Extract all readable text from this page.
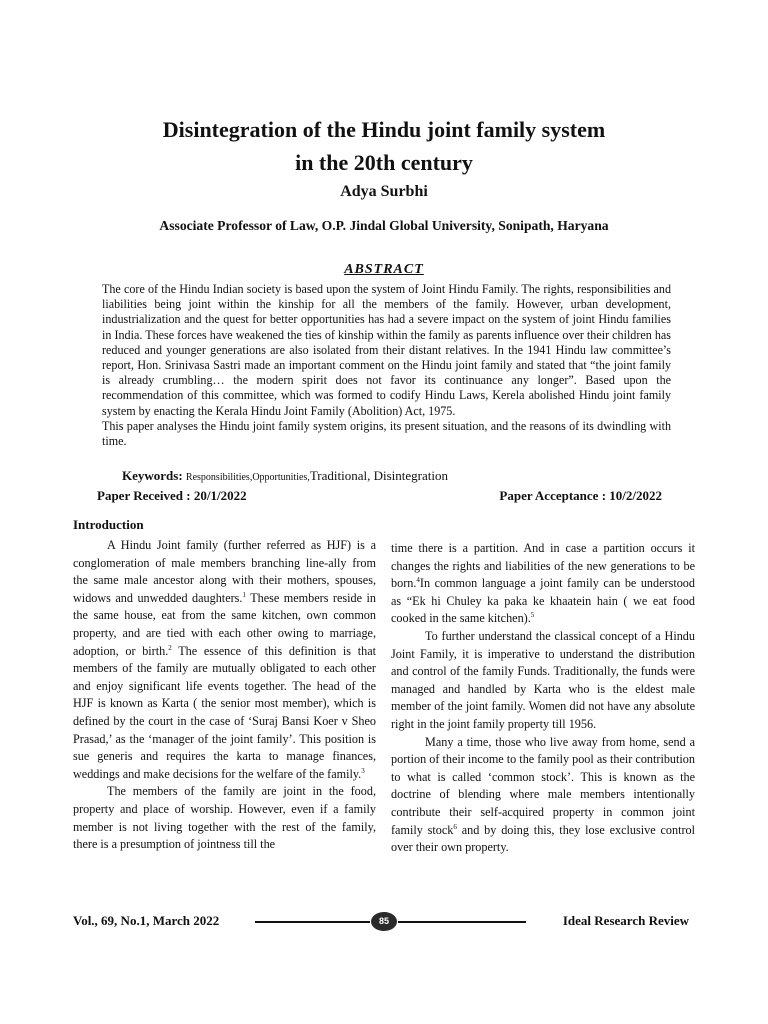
Disintegration of the Hindu joint family system
in the 20th century
Adya Surbhi
Associate Professor of Law, O.P. Jindal Global University, Sonipath, Haryana
ABSTRACT

The core of the Hindu Indian society is based upon the system of Joint Hindu Family. The rights, responsibilities and liabilities being joint within the kinship for all the members of the family. However, urban development, industrialization and the quest for better opportunities has had a severe impact on the system of joint Hindu families in India. These forces have weakened the ties of kinship within the family as parents influence over their children has reduced and younger generations are also isolated from their distant relatives. In the 1941 Hindu law committee’s report, Hon. Srinivasa Sastri made an important comment on the Hindu joint family and stated that “the joint family is already crumbling… the modern spirit does not favor its continuance any longer”. Based upon the recommendation of this committee, which was formed to codify Hindu Laws, Kerela abolished Hindu joint family system by enacting the Kerala Hindu Joint Family (Abolition) Act, 1975.

This paper analyses the Hindu joint family system origins, its present situation, and the reasons of its dwindling with time.

Keywords: Responsibilities,Opportunities,Traditional, Disintegration
Paper Received : 20/1/2022	Paper Acceptance : 10/2/2022
Introduction

A Hindu Joint family (further referred as HJF) is a conglomeration of male members branching line-ally from the same male ancestor along with their mothers, spouses, widows and unwedded daughters.$^1$ These members reside in the same house, eat from the same kitchen, own common property, and are tied with each other owing to marriage, adoption, or birth.$^2$ The essence of this definition is that members of the family are mutually obligated to each other and enjoy significant life events together. The head of the HJF is known as Karta ( the senior most member), which is defined by the court in the case of ‘Suraj Bansi Koer v Sheo Prasad,’ as the ‘manager of the joint family’. This position is sue generis and requires the karta to manage finances, weddings and make decisions for the welfare of the family.$^3$

The members of the family are joint in the food, property and place of worship. However, even if a family member is not living together with the rest of the family, there is a presumption of jointness till the

time there is a partition. And in case a partition occurs it changes the rights and liabilities of the new generations to be born.$^4$In common language a joint family can be understood as “Ek hi Chuley ka paka ke khaatein hain ( we eat food cooked in the same kitchen).$^5$

To further understand the classical concept of a Hindu Joint Family, it is imperative to understand the distribution and control of the family Funds. Traditionally, the funds were managed and handled by Karta who is the eldest male member of the joint family. Women did not have any absolute right in the joint family property till 1956.

Many a time, those who live away from home, send a portion of their income to the family pool as their contribution to what is called ‘common stock’. This is known as the doctrine of blending where male members intentionally contribute their self-acquired property in common joint family stock$^6$ and by doing this, they lose exclusive control over their own property.

Vol., 69, No.1, March 2022	85	Ideal Research Review
